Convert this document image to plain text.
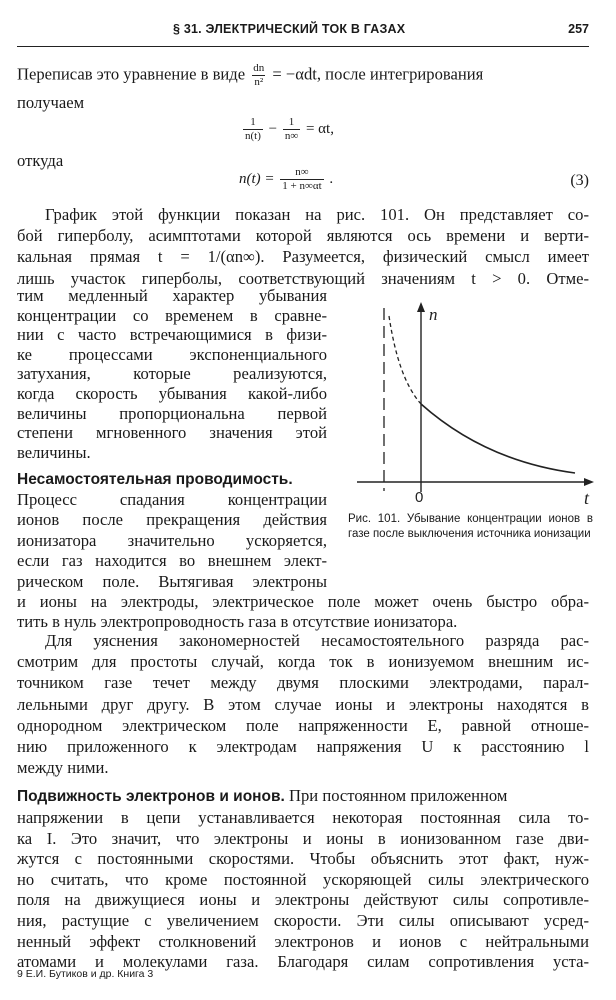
§ 31. ЭЛЕКТРИЧЕСКИЙ ТОК В ГАЗАХ	257
Переписав это уравнение в виде $\frac{dn}{\text{n²}} = -\alpha dt$, после интегрирования
получаем
$\frac{1}{n(t)} - \frac{1}{n\infty} = \alpha t$,
откуда
$n(t) = \frac{n\infty}{1 + n\infty\alpha t}$ .	(3)
График этой функции показан на рис. 101. Он представляет со-
бой гиперболу, асимптотами которой являются ось времени и верти-
кальная прямая t = 1/(αn∞). Разумеется, физический смысл имеет
лишь участок гиперболы, соответствующий значениям t > 0. Отме-
тим медленный характер убывания
концентрации со временем в сравне-
нии с часто встречающимися в физи-
ке процессами экспоненциального
затухания, которые реализуются,
когда скорость убывания какой-либо
величины пропорциональна первой
степени мгновенного значения этой
величины.
Несамостоятельная проводимость.
Процесс спадания концентрации
ионов после прекращения действия
ионизатора значительно ускоряется,
если газ находится во внешнем элект-
рическом поле. Вытягивая электроны
и ионы на электроды, электрическое поле может очень быстро обра-
тить в нуль электропроводность газа в отсутствие ионизатора.
Для уяснения закономерностей несамостоятельного разряда рас-
смотрим для простоты случай, когда ток в ионизуемом внешним ис-
точником газе течет между двумя плоскими электродами, парал-
лельными друг другу. В этом случае ионы и электроны находятся в
однородном электрическом поле напряженности E, равной отноше-
нию приложенного к электродам напряжения U к расстоянию l
между ними.
Подвижность электронов и ионов. При постоянном приложенном
напряжении в цепи устанавливается некоторая постоянная сила то-
ка I. Это значит, что электроны и ионы в ионизованном газе дви-
жутся с постоянными скоростями. Чтобы объяснить этот факт, нуж-
но считать, что кроме постоянной ускоряющей силы электрического
поля на движущиеся ионы и электроны действуют силы сопротивле-
ния, растущие с увеличением скорости. Эти силы описывают усред-
ненный эффект столкновений электронов и ионов с нейтральными
атомами и молекулами газа. Благодаря силам сопротивления уста-
n
0	t
Рис. 101. Убывание концентрации ионов в газе после выключения источника ионизации
9 Е.И. Бутиков и др. Книга 3
